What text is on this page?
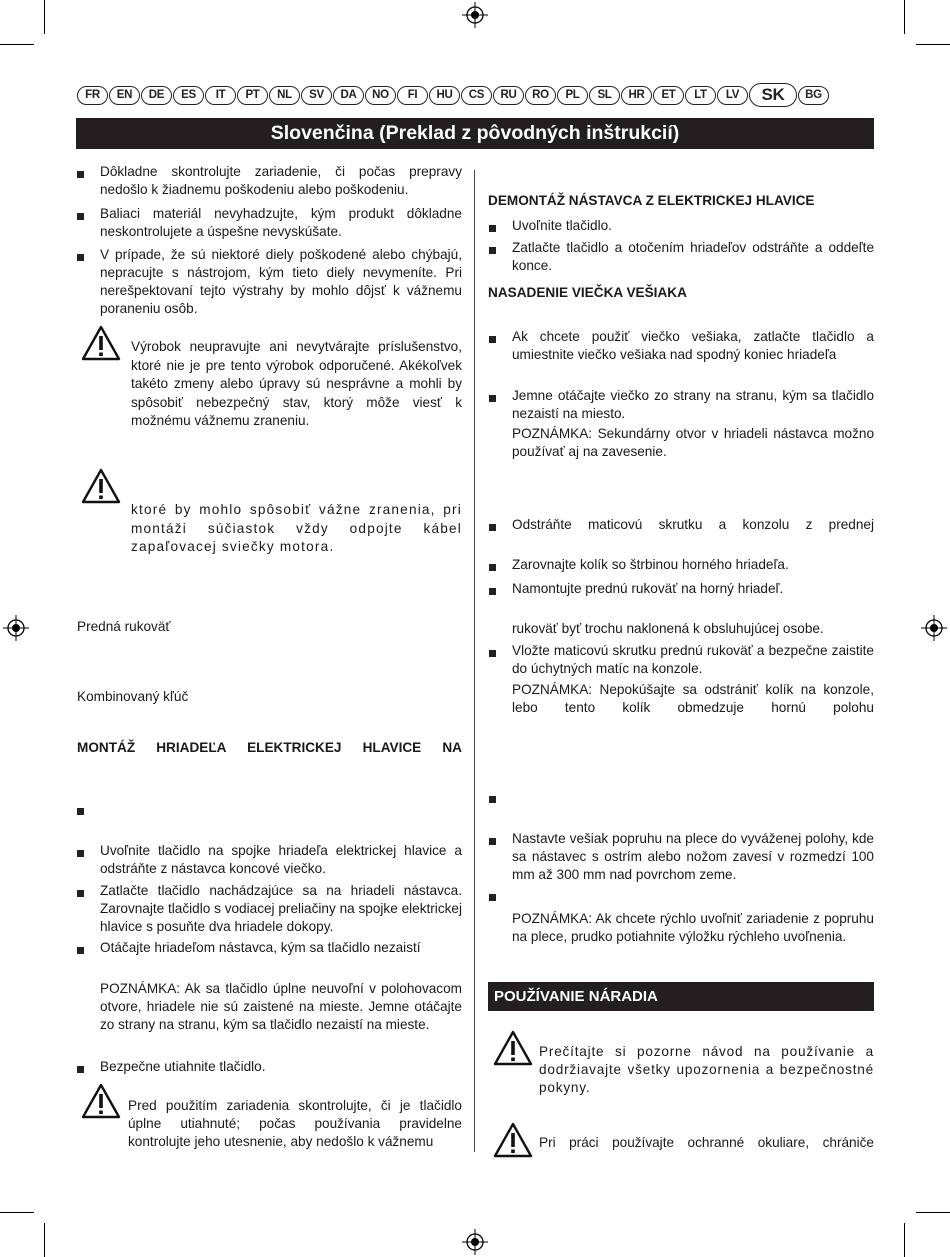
FR	EN	DE	ES	IT	PT	NL	SV	DA	NO	FI	HU	CS	RU	RO	PL	SL	HR	ET	LT	LV	SK	BG
Slovenčina (Preklad z pôvodných inštrukcií)
Dôkladne skontrolujte zariadenie, či počas prepravy nedošlo k žiadnemu poškodeniu alebo poškodeniu.
Baliaci materiál nevyhadzujte, kým produkt dôkladne neskontrolujete a úspešne nevyskúšate.
V prípade, že sú niektoré diely poškodené alebo chýbajú, nepracujte s nástrojom, kým tieto diely nevymeníte. Pri nerešpektovaní tejto výstrahy by mohlo dôjsť k vážnemu poraneniu osôb.
Výrobok neupravujte ani nevytvárajte príslušenstvo, ktoré nie je pre tento výrobok odporučené. Akékoľvek takéto zmeny alebo úpravy sú nesprávne a mohli by spôsobiť nebezpečný stav, ktorý môže viesť k možnému vážnemu zraneniu.
ktoré by mohlo spôsobiť vážne zranenia, pri montáži súčiastok vždy odpojte kábel zapaľovacej sviečky motora.
Predná rukoväť
Kombinovaný kľúč
MONTÁŽ HRIADEĽA ELEKTRICKEJ HLAVICE NA
Uvoľnite tlačidlo na spojke hriadeľa elektrickej hlavice a odstráňte z nástavca koncové viečko.
Zatlačte tlačidlo nachádzajúce sa na hriadeli nástavca. Zarovnajte tlačidlo s vodiacej preliačiny na spojke elektrickej hlavice s posuňte dva hriadele dokopy.
Otáčajte hriadeľom nástavca, kým sa tlačidlo nezaistí
POZNÁMKA: Ak sa tlačidlo úplne neuvoľní v polohovacom otvore, hriadele nie sú zaistené na mieste. Jemne otáčajte zo strany na stranu, kým sa tlačidlo nezaistí na mieste.
Bezpečne utiahnite tlačidlo.
Pred použitím zariadenia skontrolujte, či je tlačidlo úplne utiahnuté; počas používania pravidelne kontrolujte jeho utesnenie, aby nedošlo k vážnemu
DEMONTÁŽ NÁSTAVCA Z ELEKTRICKEJ HLAVICE
Uvoľnite tlačidlo.
Zatlačte tlačidlo a otočením hriadeľov odstráňte a oddeľte konce.
NASADENIE VIEČKA VEŠIAKA
Ak chcete použiť viečko vešiaka, zatlačte tlačidlo a umiestnite viečko vešiaka nad spodný koniec hriadeľa
Jemne otáčajte viečko zo strany na stranu, kým sa tlačidlo nezaistí na miesto.
POZNÁMKA: Sekundárny otvor v hriadeli nástavca možno používať aj na zavesenie.
Odstráňte maticovú skrutku a konzolu z prednej
Zarovnajte kolík so štrbinou horného hriadeľa.
Namontujte prednú rukoväť na horný hriadeľ.
rukoväť byť trochu naklonená k obsluhujúcej osobe.
Vložte maticovú skrutku prednú rukoväť a bezpečne zaistite do úchytných matíc na konzole.
POZNÁMKA: Nepokúšajte sa odstrániť kolík na konzole, lebo tento kolík obmedzuje hornú polohu
Nastavte vešiak popruhu na plece do vyváženej polohy, kde sa nástavec s ostrím alebo nožom zavesí v rozmedzí 100 mm až 300 mm nad povrchom zeme.
POZNÁMKA: Ak chcete rýchlo uvoľniť zariadenie z popruhu na plece, prudko potiahnite výložku rýchleho uvoľnenia.
POUŽÍVANIE NÁRADIA
Prečítajte si pozorne návod na používanie a dodržiavajte všetky upozornenia a bezpečnostné pokyny.
Pri práci používajte ochranné okuliare, chrániče
